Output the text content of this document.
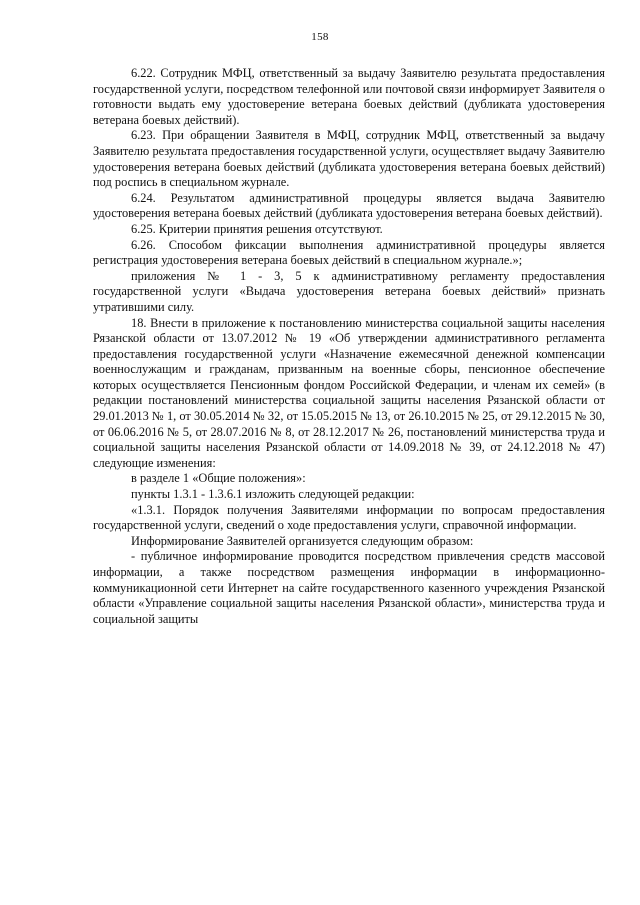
158

6.22. Сотрудник МФЦ, ответственный за выдачу Заявителю результата предоставления государственной услуги, посредством телефонной или почтовой связи информирует Заявителя о готовности выдать ему удостоверение ветерана боевых действий (дубликата удостоверения ветерана боевых действий).

6.23. При обращении Заявителя в МФЦ, сотрудник МФЦ, ответственный за выдачу Заявителю результата предоставления государственной услуги, осуществляет выдачу Заявителю удостоверения ветерана боевых действий (дубликата удостоверения ветерана боевых действий) под роспись в специальном журнале.

6.24. Результатом административной процедуры является выдача Заявителю удостоверения ветерана боевых действий (дубликата удостоверения ветерана боевых действий).

6.25. Критерии принятия решения отсутствуют.

6.26. Способом фиксации выполнения административной процедуры является регистрация удостоверения ветерана боевых действий в специальном журнале.»;

приложения № 1 - 3, 5 к административному регламенту предоставления государственной услуги «Выдача удостоверения ветерана боевых действий» признать утратившими силу.

18. Внести в приложение к постановлению министерства социальной защиты населения Рязанской области от 13.07.2012 № 19 «Об утверждении административного регламента предоставления государственной услуги «Назначение ежемесячной денежной компенсации военнослужащим и гражданам, призванным на военные сборы, пенсионное обеспечение которых осуществляется Пенсионным фондом Российской Федерации, и членам их семей» (в редакции постановлений министерства социальной защиты населения Рязанской области от 29.01.2013 № 1, от 30.05.2014 № 32, от 15.05.2015 № 13, от 26.10.2015 № 25, от 29.12.2015 № 30, от 06.06.2016 № 5, от 28.07.2016 № 8, от 28.12.2017 № 26, постановлений министерства труда и социальной защиты населения Рязанской области от 14.09.2018 № 39, от 24.12.2018 № 47) следующие изменения:

в разделе 1 «Общие положения»:

пункты 1.3.1 - 1.3.6.1 изложить следующей редакции:

«1.3.1. Порядок получения Заявителями информации по вопросам предоставления государственной услуги, сведений о ходе предоставления услуги, справочной информации.

Информирование Заявителей организуется следующим образом:

- публичное информирование проводится посредством привлечения средств массовой информации, а также посредством размещения информации в информационно-коммуникационной сети Интернет на сайте государственного казенного учреждения Рязанской области «Управление социальной защиты населения Рязанской области», министерства труда и социальной защиты
